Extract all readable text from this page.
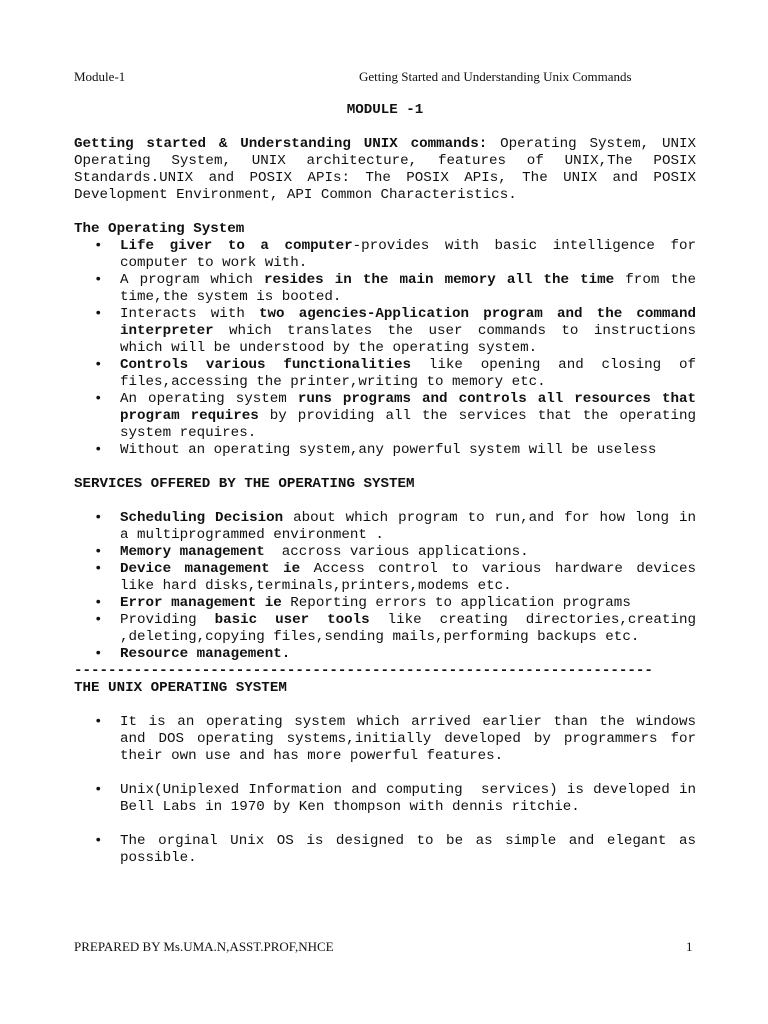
Module-1	Getting Started and Understanding Unix Commands
MODULE -1

Getting started & Understanding UNIX commands: Operating System, UNIX Operating System, UNIX architecture, features of UNIX,The POSIX Standards.UNIX and POSIX APIs: The POSIX APIs, The UNIX and POSIX Development Environment, API Common Characteristics.

The Operating System
• Life giver to a computer-provides with basic intelligence for computer to work with.
• A program which resides in the main memory all the time from the time,the system is booted.
• Interacts with two agencies-Application program and the command interpreter which translates the user commands to instructions which will be understood by the operating system.
• Controls various functionalities like opening and closing of files,accessing the printer,writing to memory etc.
• An operating system runs programs and controls all resources that program requires by providing all the services that the operating system requires.
• Without an operating system,any powerful system will be useless
SERVICES OFFERED BY THE OPERATING SYSTEM
• Scheduling Decision about which program to run,and for how long in a multiprogrammed environment .
• Memory management  accross various applications.
• Device management ie Access control to various hardware devices like hard disks,terminals,printers,modems etc.
• Error management ie Reporting errors to application programs
• Providing basic user tools like creating directories,creating ,deleting,copying files,sending mails,performing backups etc.
• Resource management.
--------------------------------------------------------------------
THE UNIX OPERATING SYSTEM
• It is an operating system which arrived earlier than the windows and DOS operating systems,initially developed by programmers for their own use and has more powerful features.
• Unix(Uniplexed Information and computing  services) is developed in Bell Labs in 1970 by Ken thompson with dennis ritchie.
• The orginal Unix OS is designed to be as simple and elegant as possible.
PREPARED BY Ms.UMA.N,ASST.PROF,NHCE	1
